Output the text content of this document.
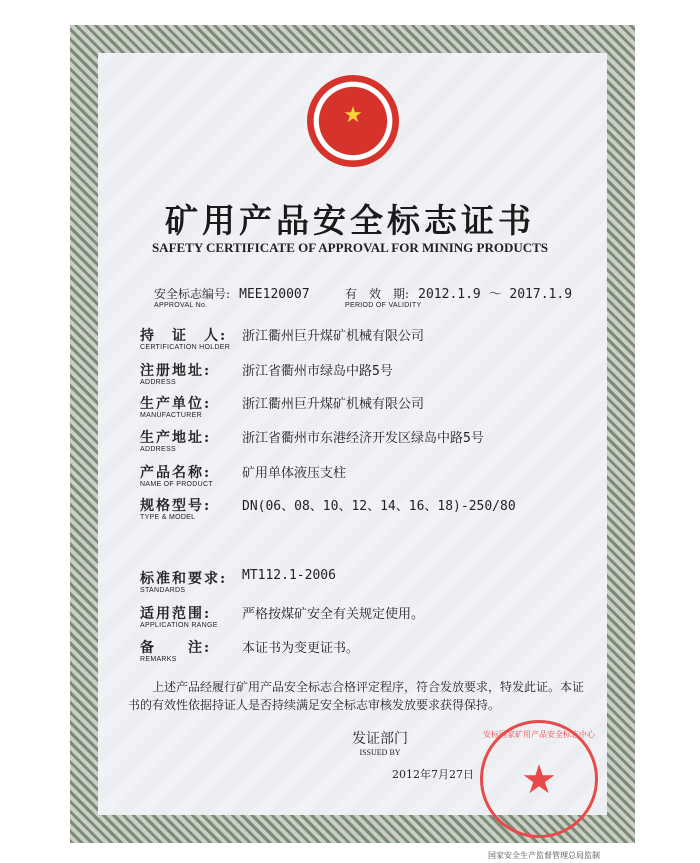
★
矿用产品安全标志证书
SAFETY CERTIFICATE OF APPROVAL FOR MINING PRODUCTS
安全标志编号: MEE120007
APPROVAL No.
有　效　期: 2012.1.9 ～ 2017.1.9
PERIOD OF VALIDITY
持　证　人:	浙江衢州巨升煤矿机械有限公司
CERTIFICATION HOLDER
注册地址:	浙江省衢州市绿岛中路5号
ADDRESS
生产单位:	浙江衢州巨升煤矿机械有限公司
MANUFACTURER
生产地址:	浙江省衢州市东港经济开发区绿岛中路5号
ADDRESS
产品名称:	矿用单体液压支柱
NAME OF PRODUCT
规格型号:	DN(06、08、10、12、14、16、18)-250/80
TYPE & MODEL
标准和要求:	MT112.1-2006
STANDARDS
适用范围:	严格按煤矿安全有关规定使用。
APPLICATION RANGE
备　　注:	本证书为变更证书。
REMARKS
上述产品经履行矿用产品安全标志合格评定程序，符合发放要求，特发此证。本证书的有效性依据持证人是否持续满足安全标志审核发放要求获得保持。
发证部门
ISSUED BY
2012年7月27日
安标国家矿用产品安全标志中心
★
国家安全生产监督管理总局监制
